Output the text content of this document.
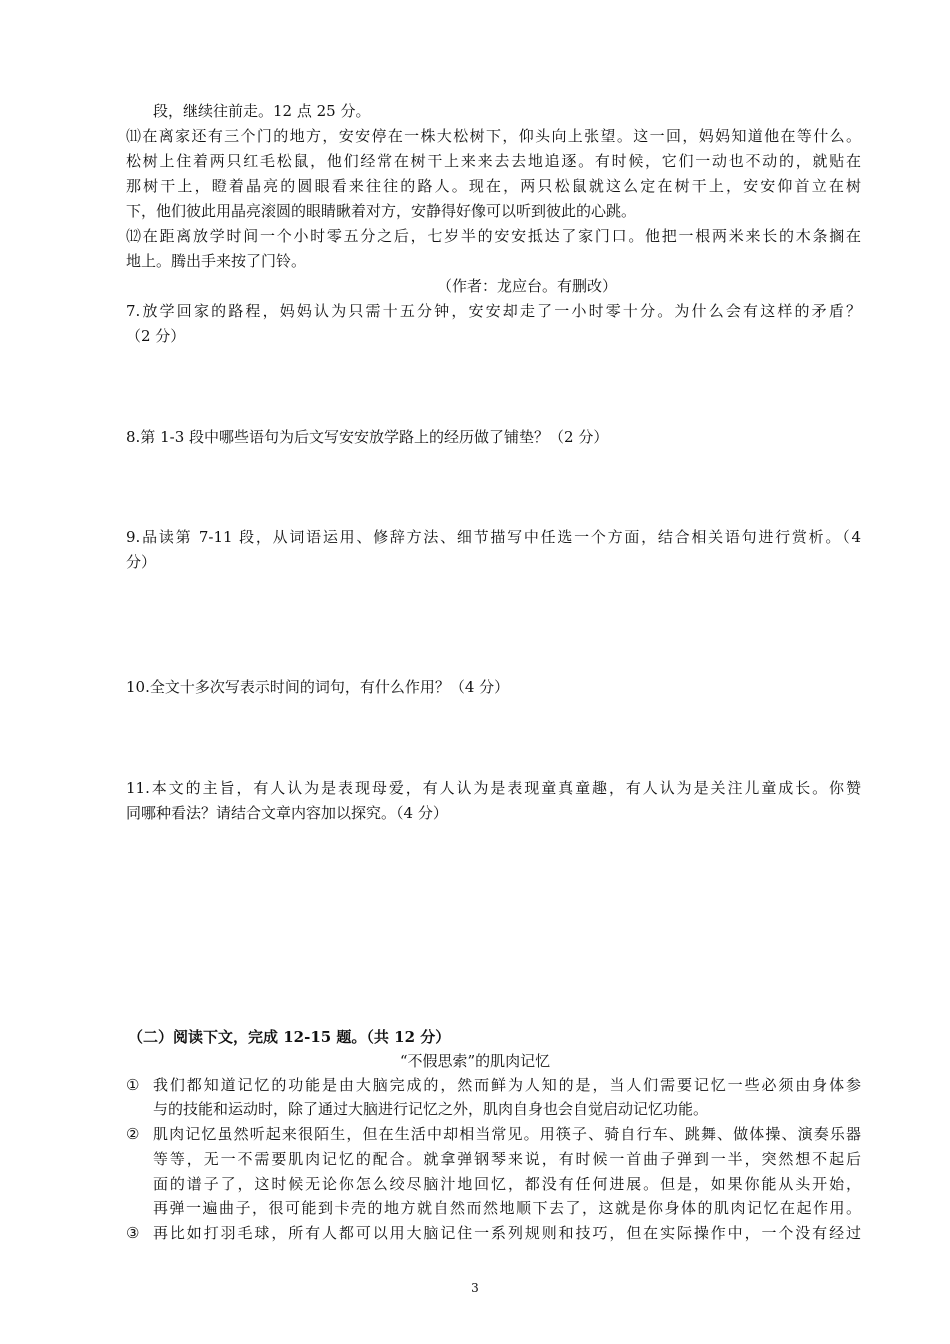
段，继续往前走。12 点 25 分。
⑾在离家还有三个门的地方，安安停在一株大松树下，仰头向上张望。这一回，妈妈知道他在等什么。
松树上住着两只红毛松鼠，他们经常在树干上来来去去地追逐。有时候，它们一动也不动的，就贴在
那树干上，瞪着晶亮的圆眼看来往往的路人。现在，两只松鼠就这么定在树干上，安安仰首立在树
下，他们彼此用晶亮滚圆的眼睛瞅着对方，安静得好像可以听到彼此的心跳。
⑿在距离放学时间一个小时零五分之后，七岁半的安安抵达了家门口。他把一根两米来长的木条搁在
地上。腾出手来按了门铃。
（作者：龙应台。有删改）
7.放学回家的路程，妈妈认为只需十五分钟，安安却走了一小时零十分。为什么会有这样的矛盾？
（2 分）
8.第 1-3 段中哪些语句为后文写安安放学路上的经历做了铺垫？（2 分）
9.品读第 7-11 段，从词语运用、修辞方法、细节描写中任选一个方面，结合相关语句进行赏析。（4
分）
10.全文十多次写表示时间的词句，有什么作用？（4 分）
11.本文的主旨，有人认为是表现母爱，有人认为是表现童真童趣，有人认为是关注儿童成长。你赞
同哪种看法？请结合文章内容加以探究。（4 分）
（二）阅读下文，完成 12-15 题。（共 12 分）
“不假思索”的肌肉记忆
① 我们都知道记忆的功能是由大脑完成的，然而鲜为人知的是，当人们需要记忆一些必须由身体参
与的技能和运动时，除了通过大脑进行记忆之外，肌肉自身也会自觉启动记忆功能。
② 肌肉记忆虽然听起来很陌生，但在生活中却相当常见。用筷子、骑自行车、跳舞、做体操、演奏乐器
等等，无一不需要肌肉记忆的配合。就拿弹钢琴来说，有时候一首曲子弹到一半，突然想不起后
面的谱子了，这时候无论你怎么绞尽脑汁地回忆，都没有任何进展。但是，如果你能从头开始，
再弹一遍曲子，很可能到卡壳的地方就自然而然地顺下去了，这就是你身体的肌肉记忆在起作用。
③ 再比如打羽毛球，所有人都可以用大脑记住一系列规则和技巧，但在实际操作中，一个没有经过
3
